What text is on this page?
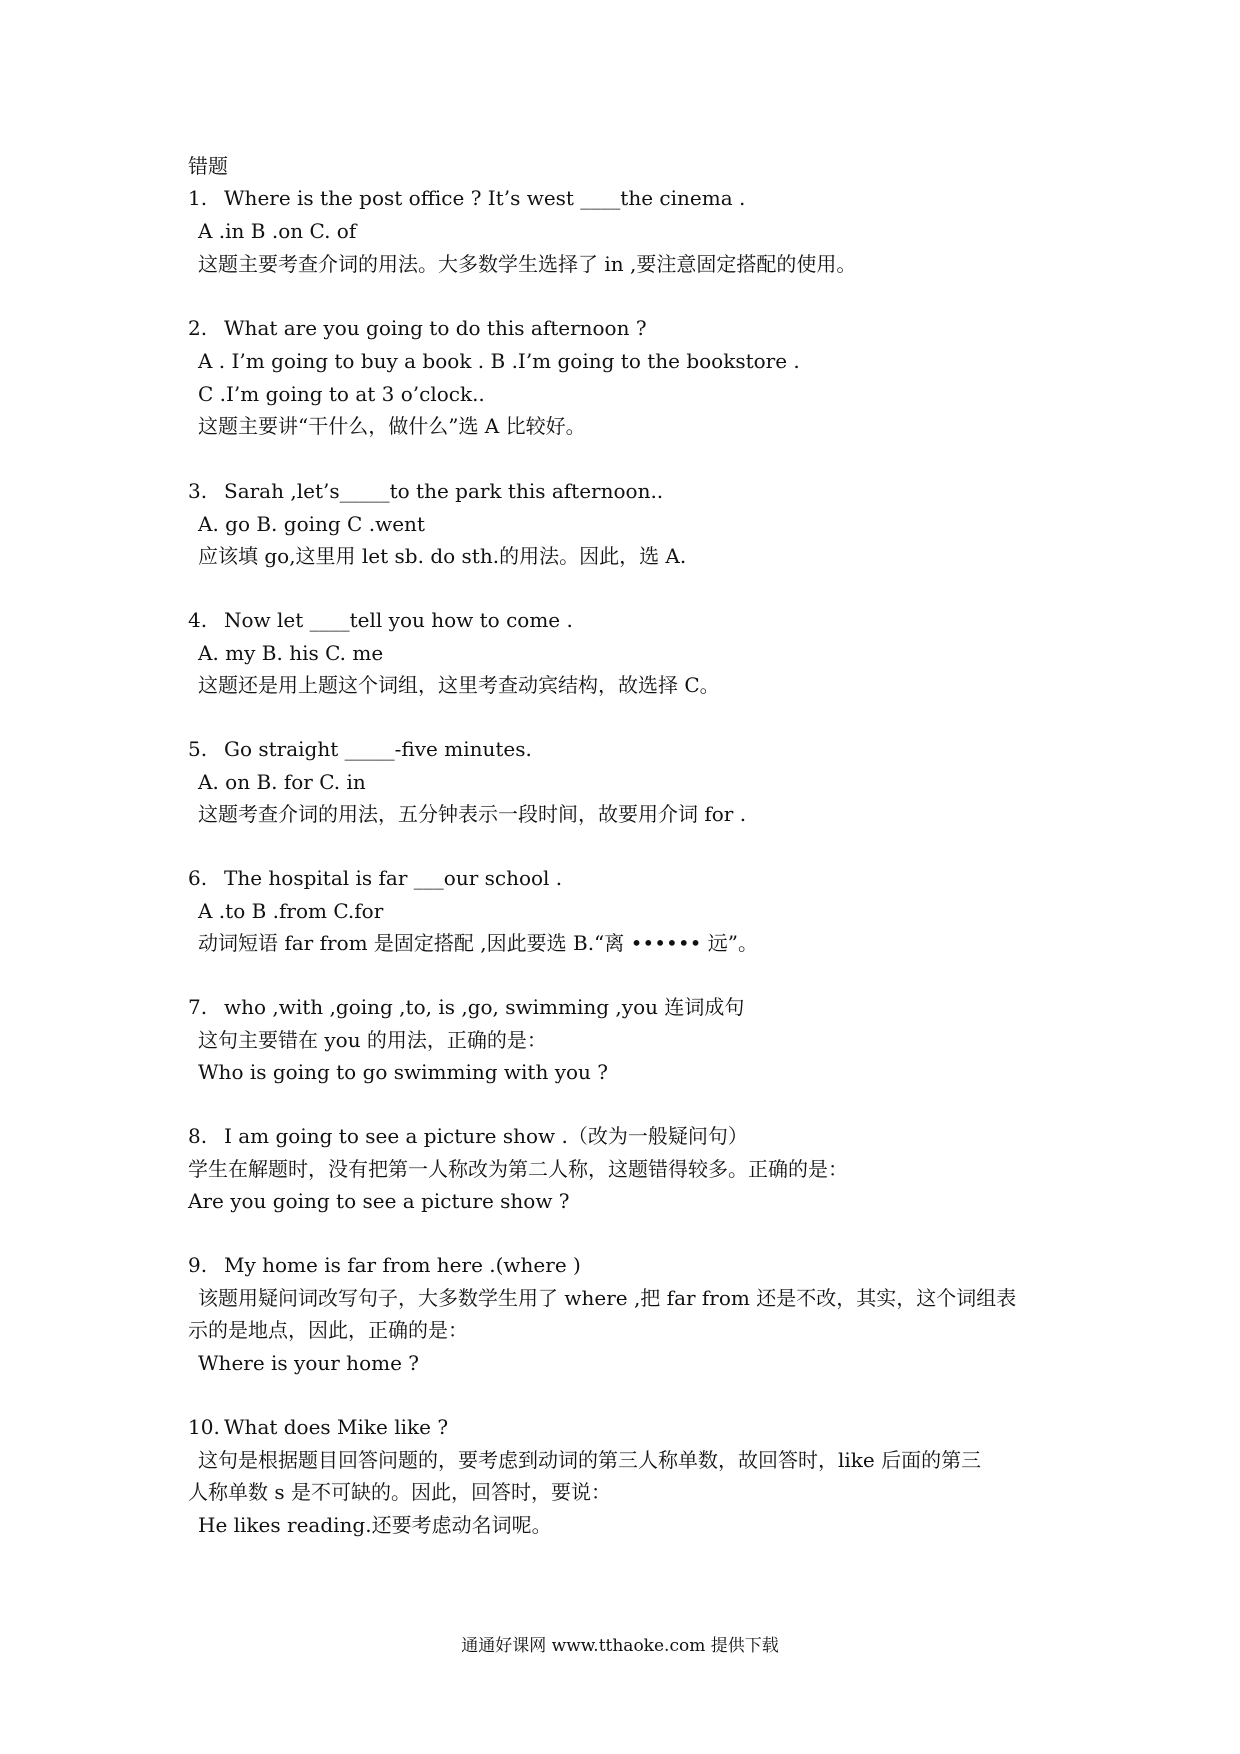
错题
1. Where is the post office ? It’s west ____the cinema .
A .in B .on C. of
这题主要考查介词的用法。大多数学生选择了 in ,要注意固定搭配的使用。
2. What are you going to do this afternoon ?
A . I’m going to buy a book . B .I’m going to the bookstore .
C .I’m going to at 3 o’clock..
这题主要讲“干什么，做什么”选 A 比较好。
3. Sarah ,let’s_____to the park this afternoon..
A. go B. going C .went
应该填 go,这里用 let sb. do sth.的用法。因此，选 A.
4. Now let ____tell you how to come .
A. my B. his C. me
这题还是用上题这个词组，这里考查动宾结构，故选择 C。
5. Go straight _____-five minutes.
A. on B. for C. in
这题考查介词的用法，五分钟表示一段时间，故要用介词 for .
6. The hospital is far ___our school .
A .to B .from C.for
动词短语 far from 是固定搭配 ,因此要选 B.“离 •••••• 远”。
7. who ,with ,going ,to, is ,go, swimming ,you 连词成句
这句主要错在 you 的用法，正确的是：
Who is going to go swimming with you ?
8. I am going to see a picture show .（改为一般疑问句）
学生在解题时，没有把第一人称改为第二人称，这题错得较多。正确的是：
Are you going to see a picture show ?
9. My home is far from here .(where )
该题用疑问词改写句子，大多数学生用了 where ,把 far from 还是不改，其实，这个词组表
示的是地点，因此，正确的是：
Where is your home ?
10. What does Mike like ?
这句是根据题目回答问题的，要考虑到动词的第三人称单数，故回答时，like 后面的第三
人称单数 s 是不可缺的。因此，回答时，要说：
He likes reading.还要考虑动名词呢。
通通好课网 www.tthaoke.com 提供下载
